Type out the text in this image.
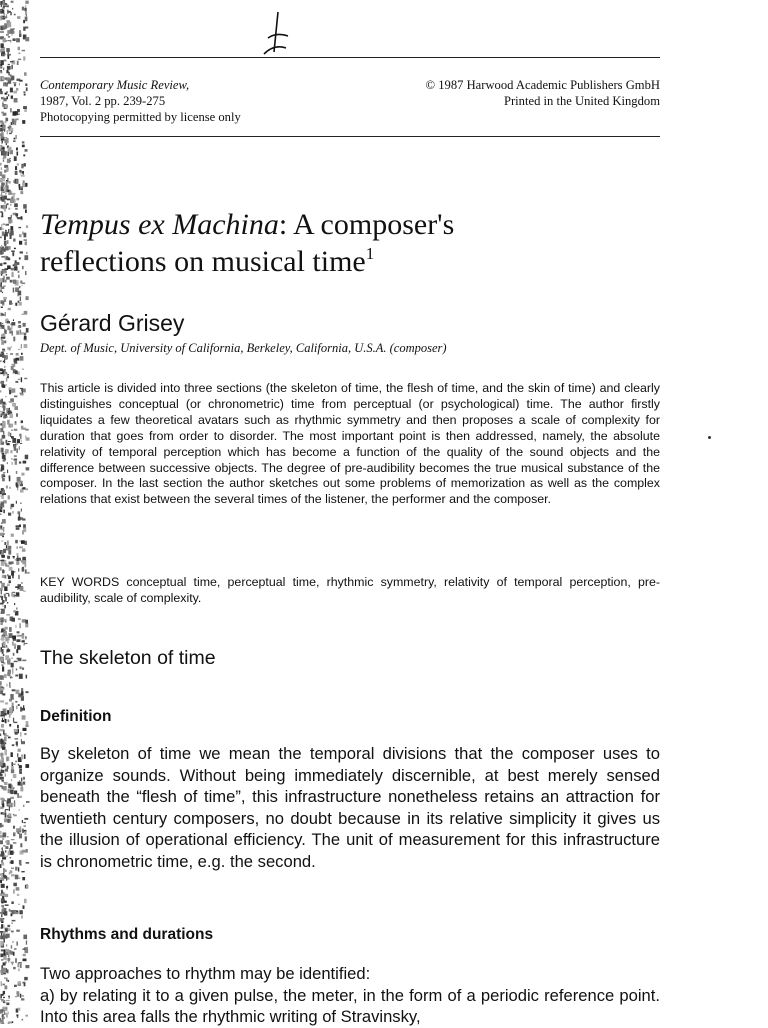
Contemporary Music Review,
1987, Vol. 2 pp. 239-275
Photocopying permitted by license only
© 1987 Harwood Academic Publishers GmbH
Printed in the United Kingdom
Tempus ex Machina: A composer's
reflections on musical time$^1$
Gérard Grisey
Dept. of Music, University of California, Berkeley, California, U.S.A. (composer)

This article is divided into three sections (the skeleton of time, the flesh of time, and the skin of time) and clearly distinguishes conceptual (or chronometric) time from perceptual (or psychological) time. The author firstly liquidates a few theoretical avatars such as rhythmic symmetry and then proposes a scale of complexity for duration that goes from order to disorder. The most important point is then addressed, namely, the absolute relativity of temporal perception which has become a function of the quality of the sound objects and the difference between successive objects. The degree of pre-audibility becomes the true musical substance of the composer. In the last section the author sketches out some problems of memorization as well as the complex relations that exist between the several times of the listener, the performer and the composer.

KEY WORDS conceptual time, perceptual time, rhythmic symmetry, relativity of temporal perception, pre-audibility, scale of complexity.

The skeleton of time
Definition

By skeleton of time we mean the temporal divisions that the composer uses to organize sounds. Without being immediately discernible, at best merely sensed beneath the “flesh of time”, this infrastructure nonetheless retains an attraction for twentieth century composers, no doubt because in its relative simplicity it gives us the illusion of operational efficiency. The unit of measurement for this infrastructure is chronometric time, e.g. the second.

Rhythms and durations
Two approaches to rhythm may be identified:
a) by relating it to a given pulse, the meter, in the form of a periodic reference point. Into this area falls the rhythmic writing of Stravinsky,
